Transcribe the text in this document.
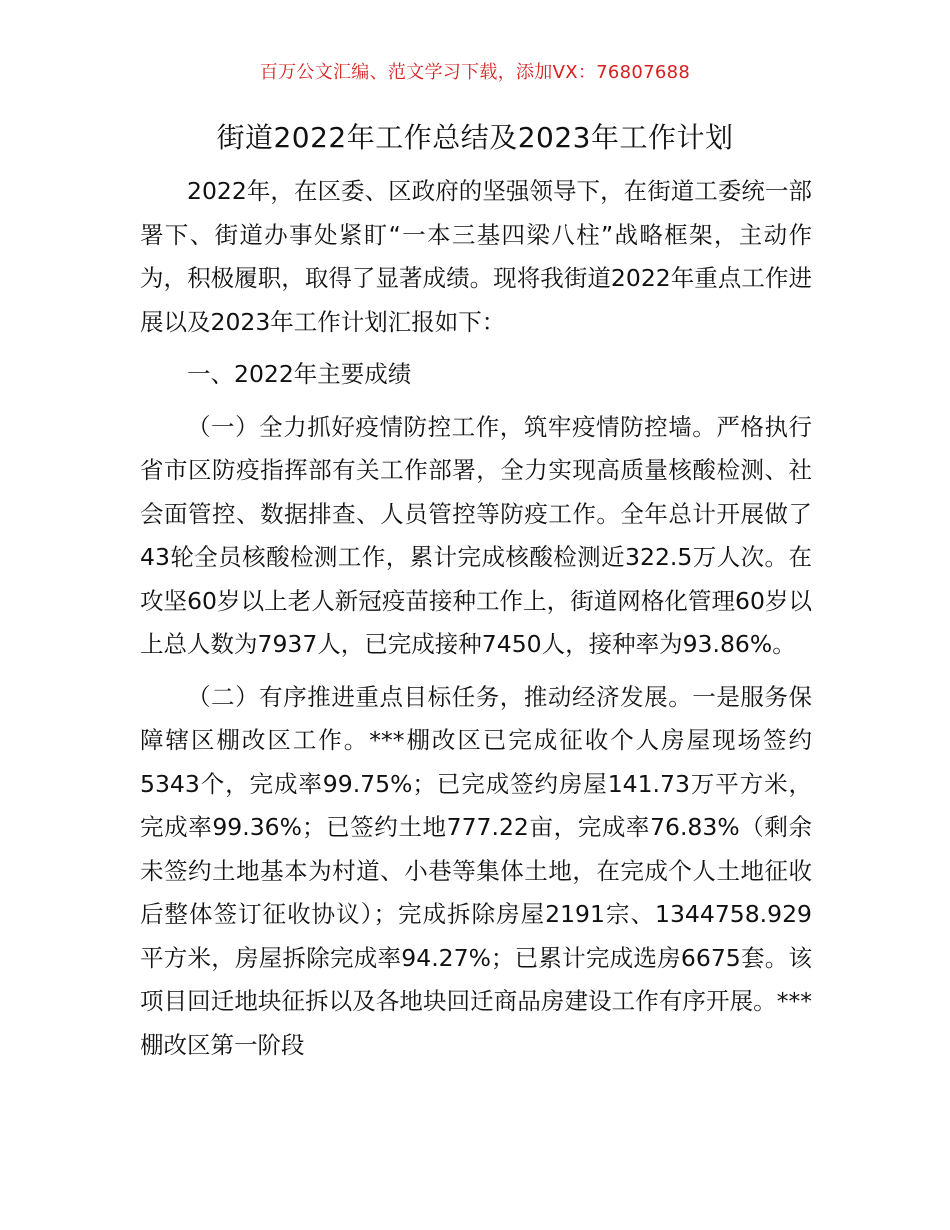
百万公文汇编、范文学习下载，添加VX：76807688
街道2022年工作总结及2023年工作计划

2022年，在区委、区政府的坚强领导下，在街道工委统一部署下、街道办事处紧盯“一本三基四梁八柱”战略框架，主动作为，积极履职，取得了显著成绩。现将我街道2022年重点工作进展以及2023年工作计划汇报如下：

一、2022年主要成绩

（一）全力抓好疫情防控工作，筑牢疫情防控墙。严格执行省市区防疫指挥部有关工作部署，全力实现高质量核酸检测、社会面管控、数据排查、人员管控等防疫工作。全年总计开展做了43轮全员核酸检测工作，累计完成核酸检测近322.5万人次。在攻坚60岁以上老人新冠疫苗接种工作上，街道网格化管理60岁以上总人数为7937人，已完成接种7450人，接种率为93.86%。

（二）有序推进重点目标任务，推动经济发展。一是服务保障辖区棚改区工作。***棚改区已完成征收个人房屋现场签约5343个，完成率99.75%；已完成签约房屋141.73万平方米，完成率99.36%；已签约土地777.22亩，完成率76.83%（剩余未签约土地基本为村道、小巷等集体土地，在完成个人土地征收后整体签订征收协议）；完成拆除房屋2191宗、1344758.929平方米，房屋拆除完成率94.27%；已累计完成选房6675套。该项目回迁地块征拆以及各地块回迁商品房建设工作有序开展。***棚改区第一阶段
